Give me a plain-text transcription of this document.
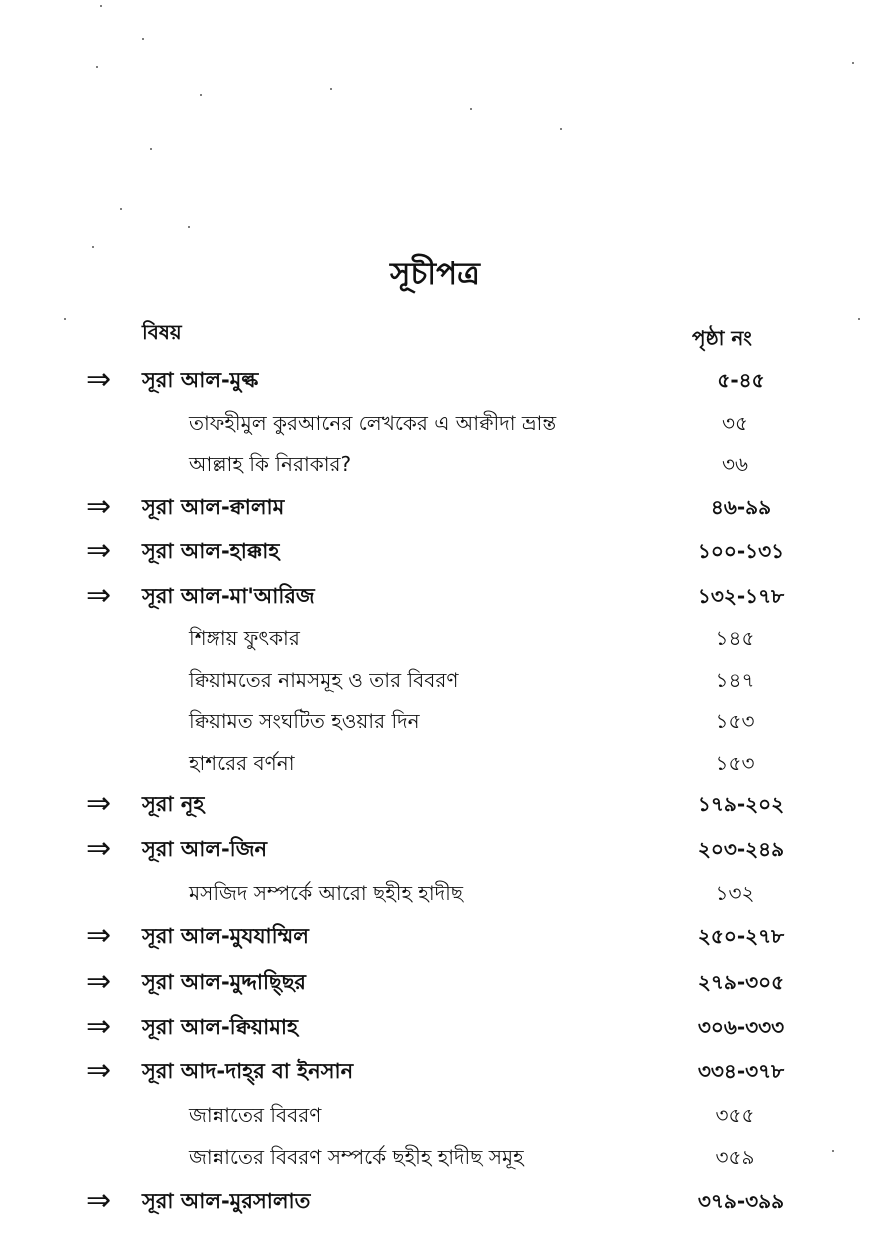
সূচীপত্র
বিষয়	পৃষ্ঠা নং
⇒ সূরা আল-মুল্ক	৫-৪৫
তাফহীমুল কুরআনের লেখকের এ আক্বীদা ভ্রান্ত	৩৫
আল্লাহ কি নিরাকার?	৩৬
⇒ সূরা আল-ক্বালাম	৪৬-৯৯
⇒ সূরা আল-হাক্কাহ	১০০-১৩১
⇒ সূরা আল-মা'আরিজ	১৩২-১৭৮
শিঙ্গায় ফুৎকার	১৪৫
ক্বিয়ামতের নামসমূহ ও তার বিবরণ	১৪৭
ক্বিয়ামত সংঘটিত হওয়ার দিন	১৫৩
হাশরের বর্ণনা	১৫৩
⇒ সূরা নূহ	১৭৯-২০২
⇒ সূরা আল-জিন	২০৩-২৪৯
মসজিদ সম্পর্কে আরো ছহীহ হাদীছ	১৩২
⇒ সূরা আল-মুযযাম্মিল	২৫০-২৭৮
⇒ সূরা আল-মুদ্দাছ্ছির	২৭৯-৩০৫
⇒ সূরা আল-ক্বিয়ামাহ	৩০৬-৩৩৩
⇒ সূরা আদ-দাহ্‌র বা ইনসান	৩৩৪-৩৭৮
জান্নাতের বিবরণ	৩৫৫
জান্নাতের বিবরণ সম্পর্কে ছহীহ হাদীছ সমূহ	৩৫৯
⇒ সূরা আল-মুরসালাত	৩৭৯-৩৯৯
